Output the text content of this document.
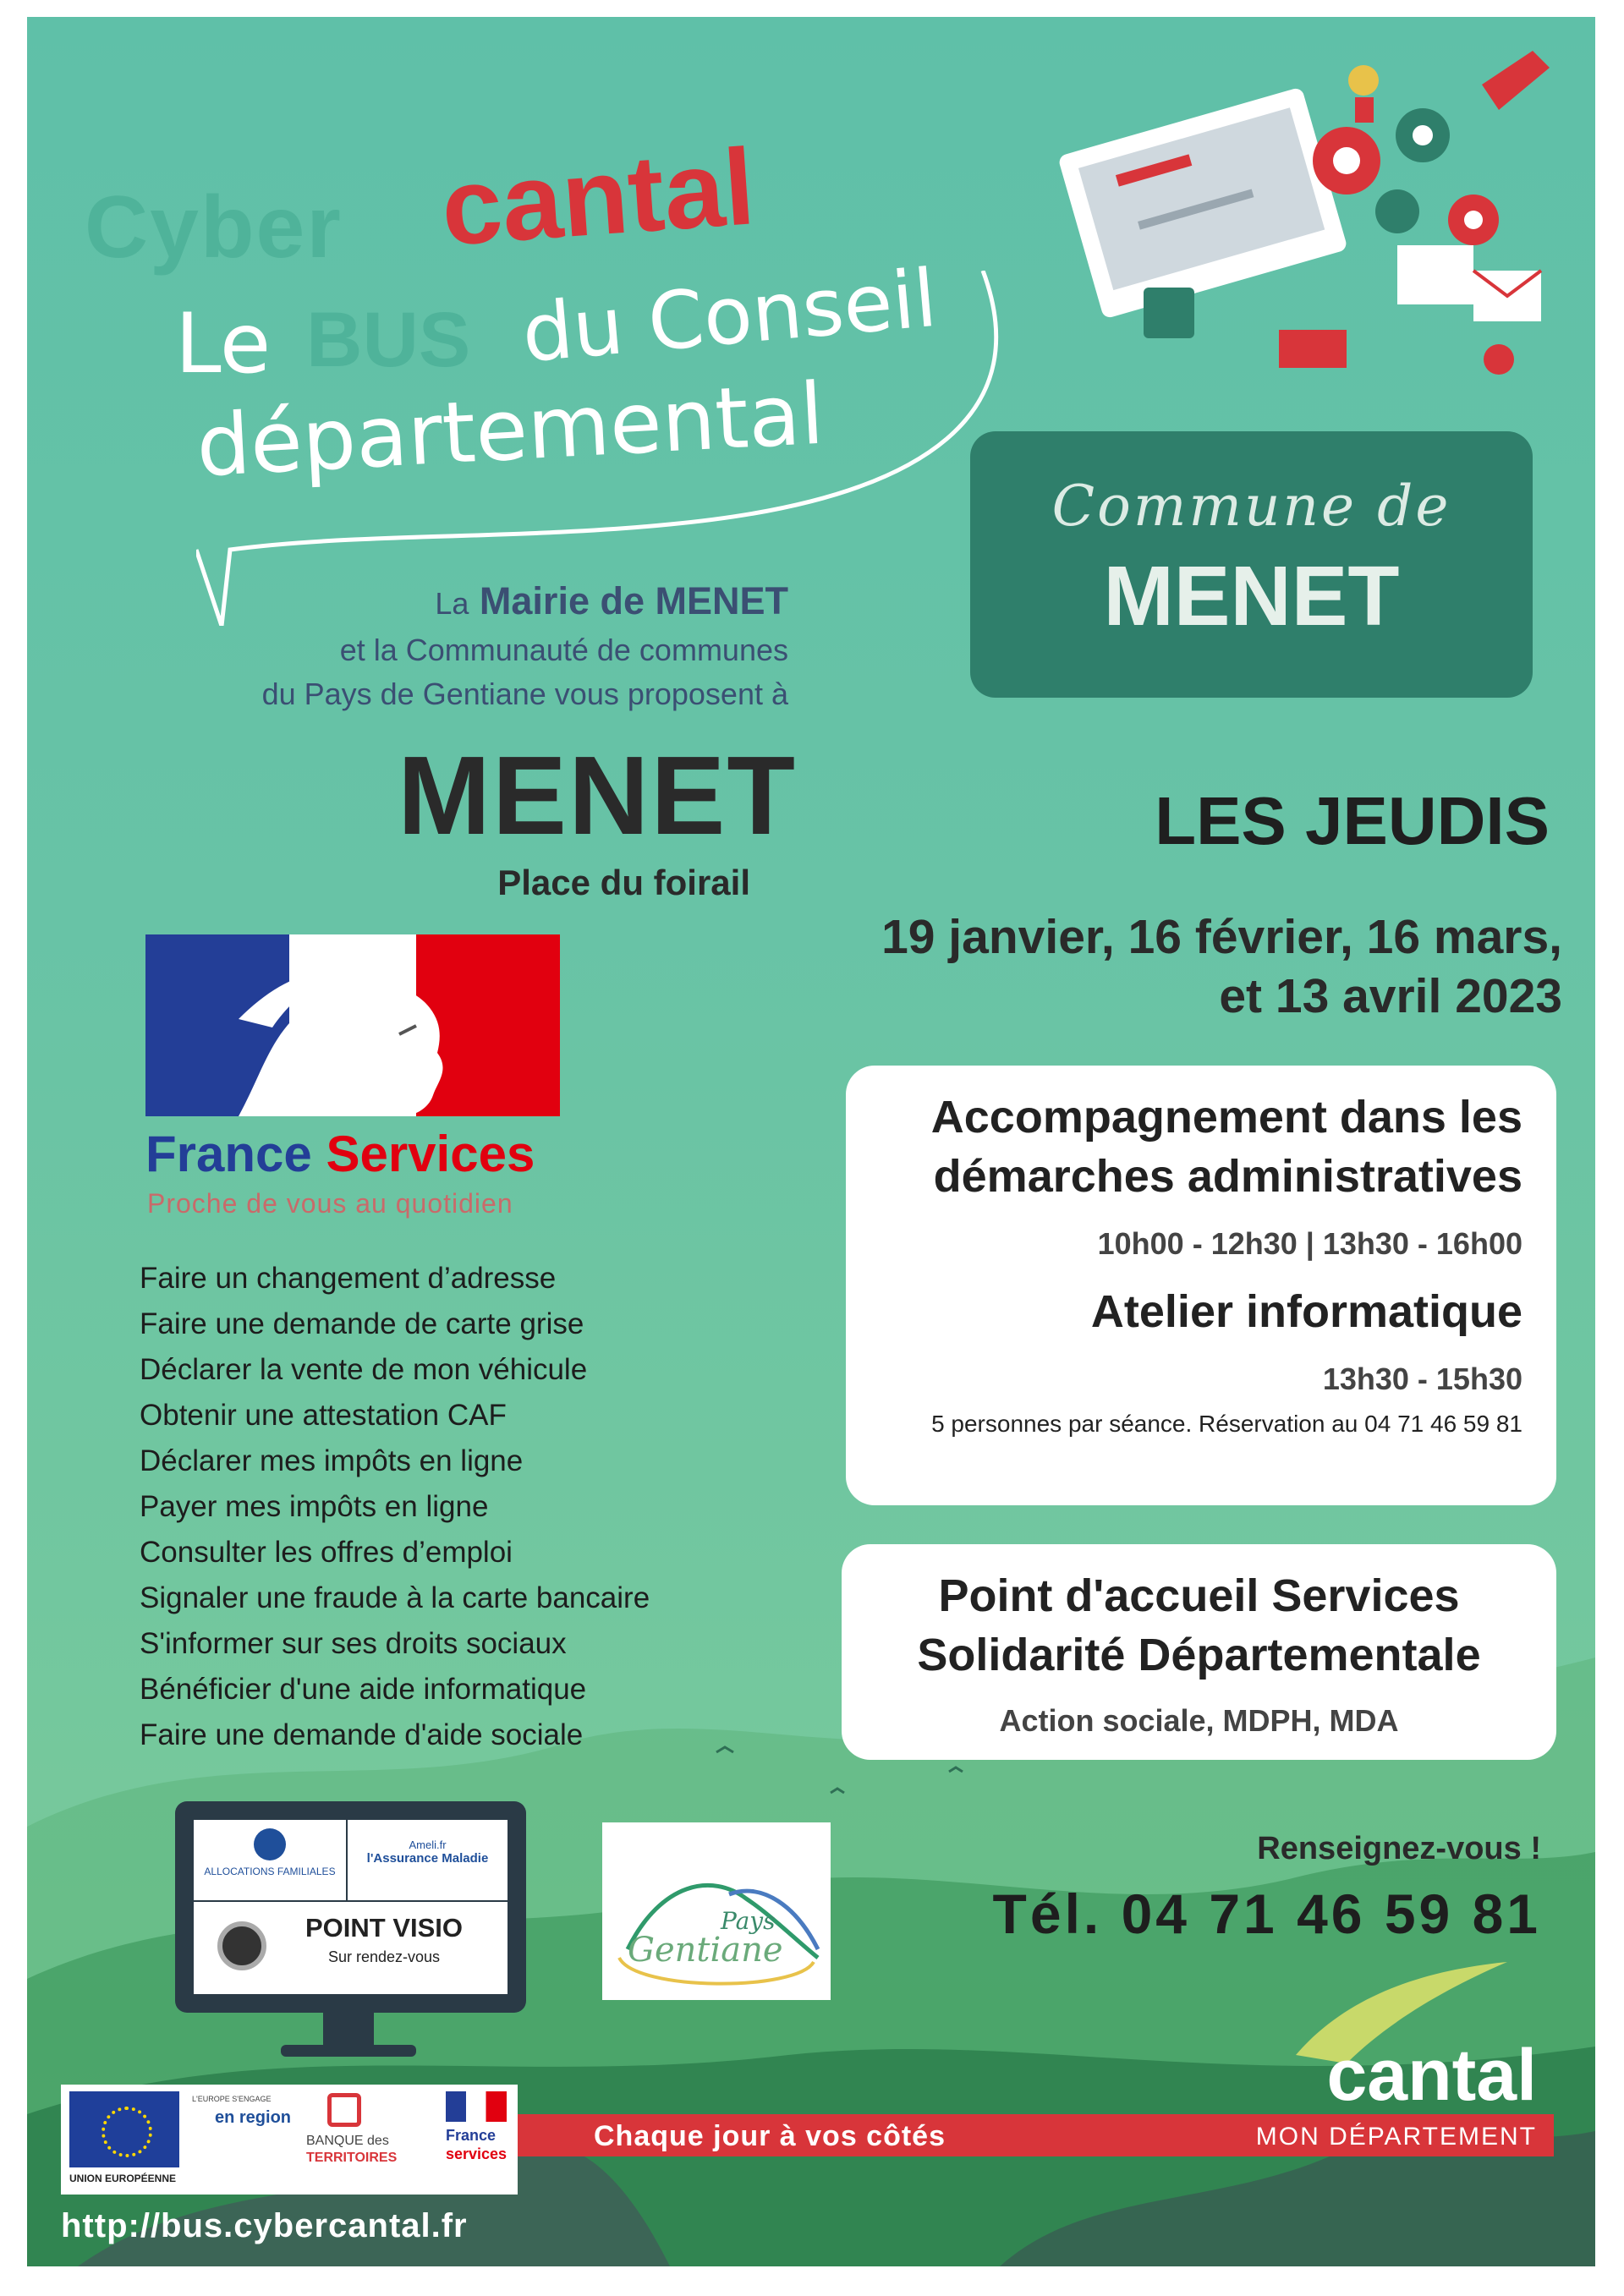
Cyber cantal
Le BUS du Conseil
départemental
Commune de
MENET
La Mairie de MENET
et la Communauté de communes
du Pays de Gentiane vous proposent à
MENET
Place du foirail
LES JEUDIS
19 janvier, 16 février, 16 mars,
et 13 avril 2023
France Services
Proche de vous au quotidien
Faire un changement d’adresse
Faire une demande de carte grise
Déclarer la vente de mon véhicule
Obtenir une attestation CAF
Déclarer mes impôts en ligne
Payer mes impôts en ligne
Consulter les offres d’emploi
Signaler une fraude à la carte bancaire
S'informer sur ses droits sociaux
Bénéficier d'une aide informatique
Faire une demande d'aide sociale
Accompagnement dans les
démarches administratives
10h00 - 12h30 | 13h30 - 16h00
Atelier informatique
13h30 - 15h30
5 personnes par séance. Réservation au 04 71 46 59 81
Point d'accueil Services
Solidarité Départementale
Action sociale, MDPH, MDA
ALLOCATIONS FAMILIALES
Ameli.fr
l'Assurance Maladie
POINT VISIO
Sur rendez-vous
Pays
Gentiane
Renseignez-vous !
Tél. 04 71 46 59 81
Chaque jour à vos côtés
cantal
MON DÉPARTEMENT
UNION EUROPÉENNE
L'EUROPE S'ENGAGE
en region
BANQUE des
TERRITOIRES
France
services
http://bus.cybercantal.fr
